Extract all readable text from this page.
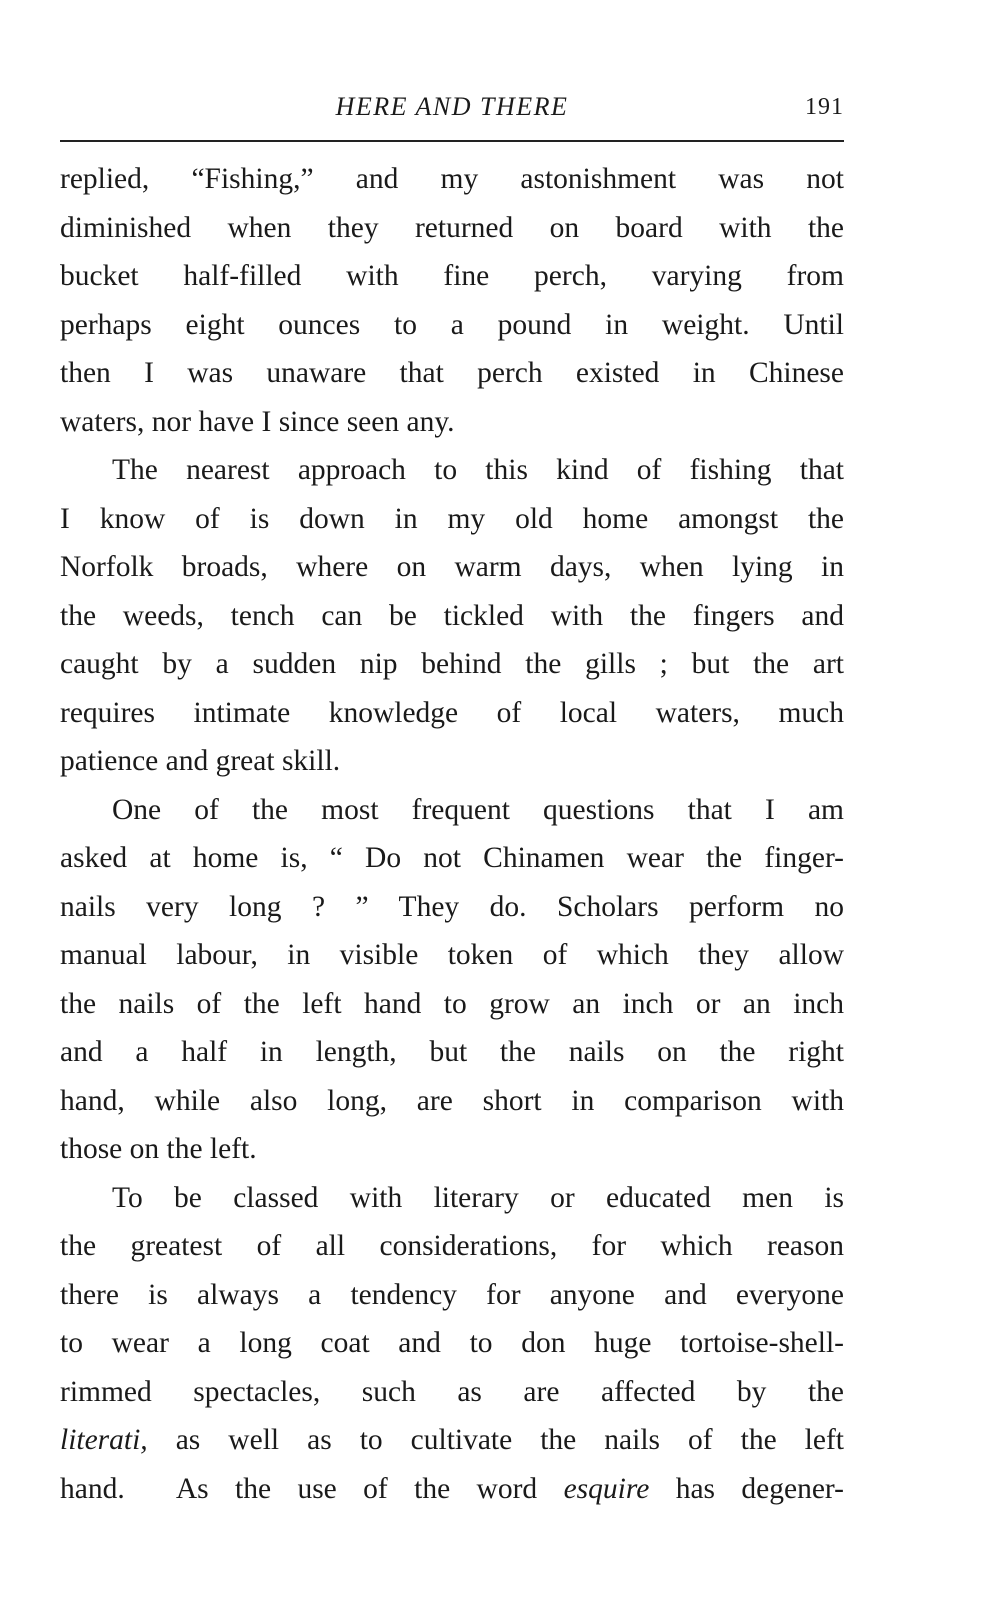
HERE AND THERE	191
replied, “Fishing,” and my astonishment was not
diminished when they returned on board with the
bucket half-filled with fine perch, varying from
perhaps eight ounces to a pound in weight. Until
then I was unaware that perch existed in Chinese
waters, nor have I since seen any.
The nearest approach to this kind of fishing that
I know of is down in my old home amongst the
Norfolk broads, where on warm days, when lying in
the weeds, tench can be tickled with the fingers and
caught by a sudden nip behind the gills ; but the art
requires intimate knowledge of local waters, much
patience and great skill.
One of the most frequent questions that I am
asked at home is, “ Do not Chinamen wear the finger-
nails very long ? ” They do. Scholars perform no
manual labour, in visible token of which they allow
the nails of the left hand to grow an inch or an inch
and a half in length, but the nails on the right
hand, while also long, are short in comparison with
those on the left.
To be classed with literary or educated men is
the greatest of all considerations, for which reason
there is always a tendency for anyone and everyone
to wear a long coat and to don huge tortoise-shell-
rimmed spectacles, such as are affected by the
literati, as well as to cultivate the nails of the left
hand.  As the use of the word esquire has degener-
